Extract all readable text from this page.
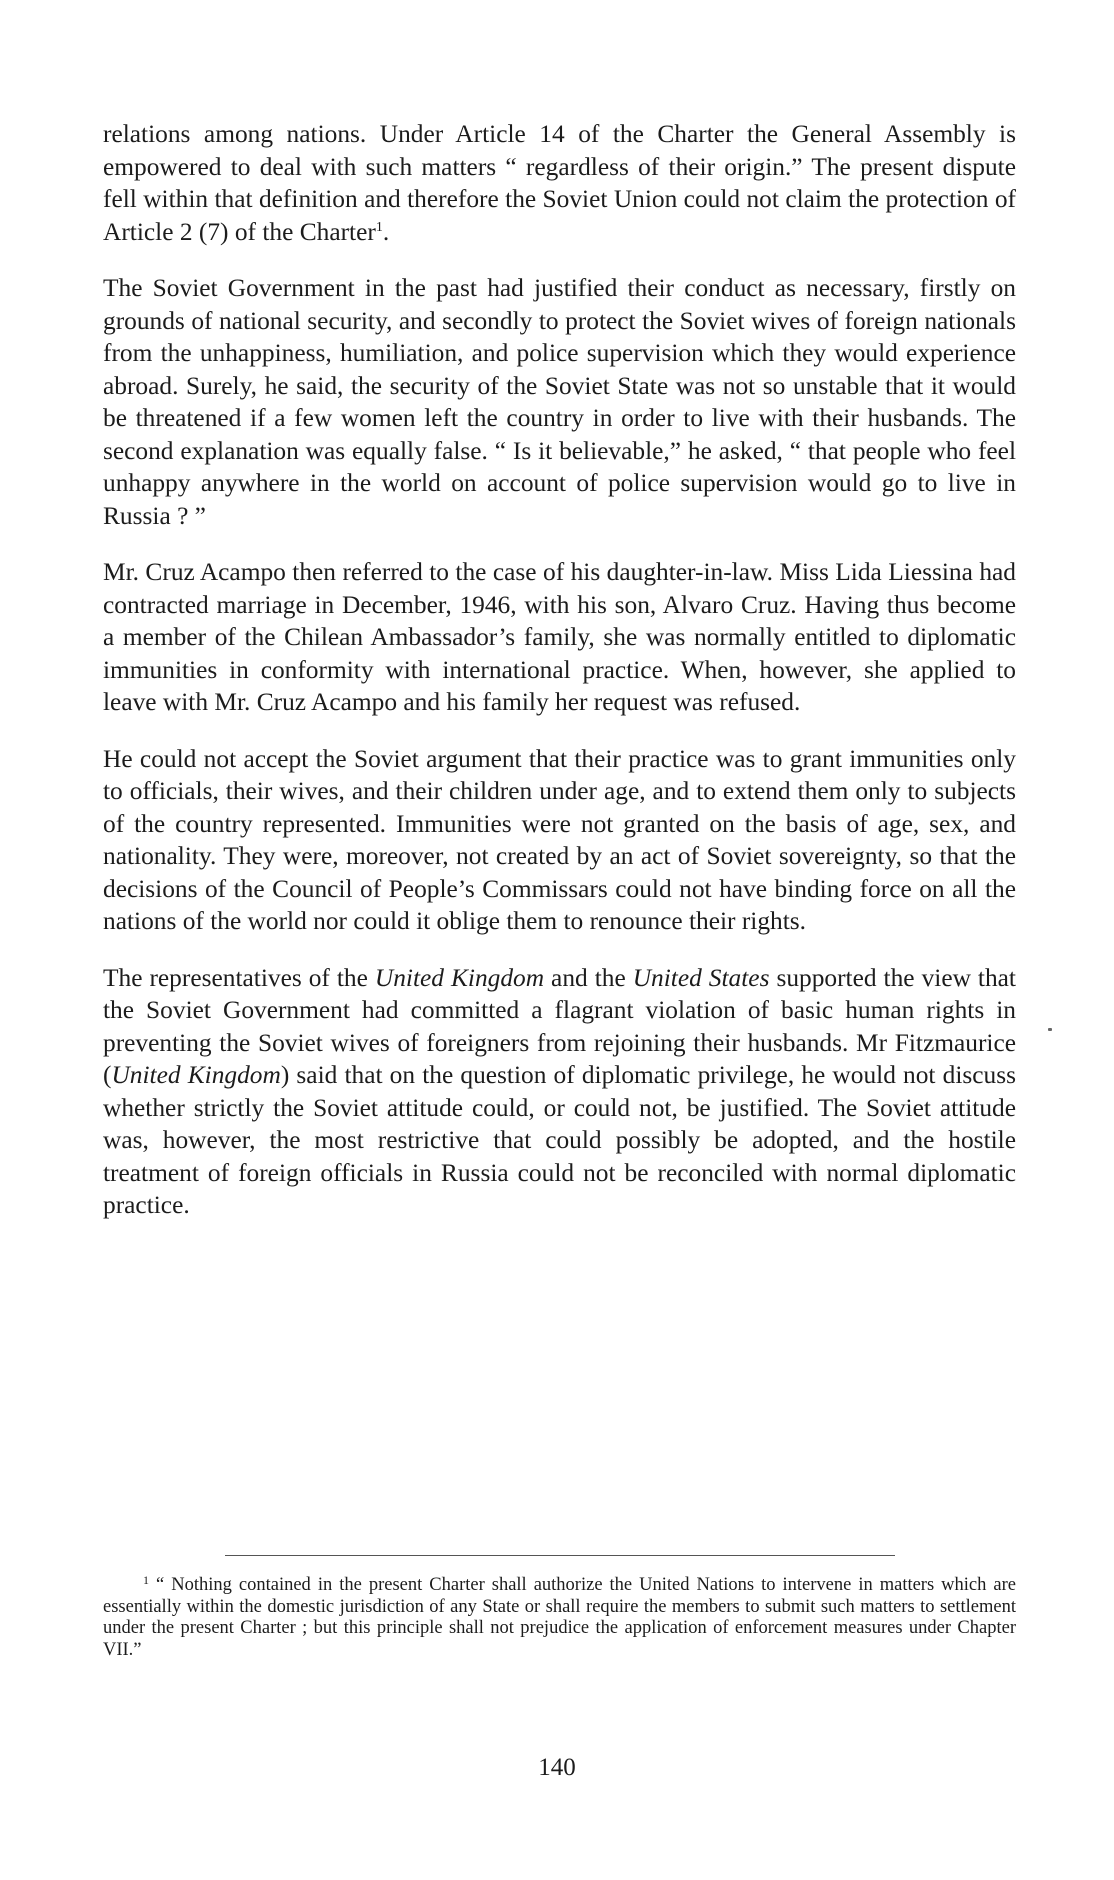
relations among nations. Under Article 14 of the Charter the General Assembly is empowered to deal with such matters “ regardless of their origin.” The present dispute fell within that definition and therefore the Soviet Union could not claim the protection of Article 2 (7) of the Charter$^1$.

The Soviet Government in the past had justified their conduct as necessary, firstly on grounds of national security, and secondly to protect the Soviet wives of foreign nationals from the unhappiness, humiliation, and police supervision which they would experience abroad. Surely, he said, the security of the Soviet State was not so unstable that it would be threatened if a few women left the country in order to live with their husbands. The second explanation was equally false. “ Is it believable,” he asked, “ that people who feel unhappy anywhere in the world on account of police supervision would go to live in Russia ? ”

Mr. Cruz Acampo then referred to the case of his daughter-in-law. Miss Lida Liessina had contracted marriage in December, 1946, with his son, Alvaro Cruz. Having thus become a member of the Chilean Ambassador’s family, she was normally entitled to diplomatic immunities in conformity with international practice. When, however, she applied to leave with Mr. Cruz Acampo and his family her request was refused.

He could not accept the Soviet argument that their practice was to grant immunities only to officials, their wives, and their children under age, and to extend them only to subjects of the country represented. Immunities were not granted on the basis of age, sex, and nationality. They were, moreover, not created by an act of Soviet sovereignty, so that the decisions of the Council of People’s Commissars could not have binding force on all the nations of the world nor could it oblige them to renounce their rights.

The representatives of the United Kingdom and the United States supported the view that the Soviet Government had committed a flagrant violation of basic human rights in preventing the Soviet wives of foreigners from rejoining their husbands. Mr Fitzmaurice (United Kingdom) said that on the question of diplomatic privilege, he would not discuss whether strictly the Soviet attitude could, or could not, be justified. The Soviet attitude was, however, the most restrictive that could possibly be adopted, and the hostile treatment of foreign officials in Russia could not be reconciled with normal diplomatic practice.

$^1$ “ Nothing contained in the present Charter shall authorize the United Nations to intervene in matters which are essentially within the domestic jurisdiction of any State or shall require the members to submit such matters to settlement under the present Charter ; but this principle shall not prejudice the application of enforcement measures under Chapter VII.”

140
